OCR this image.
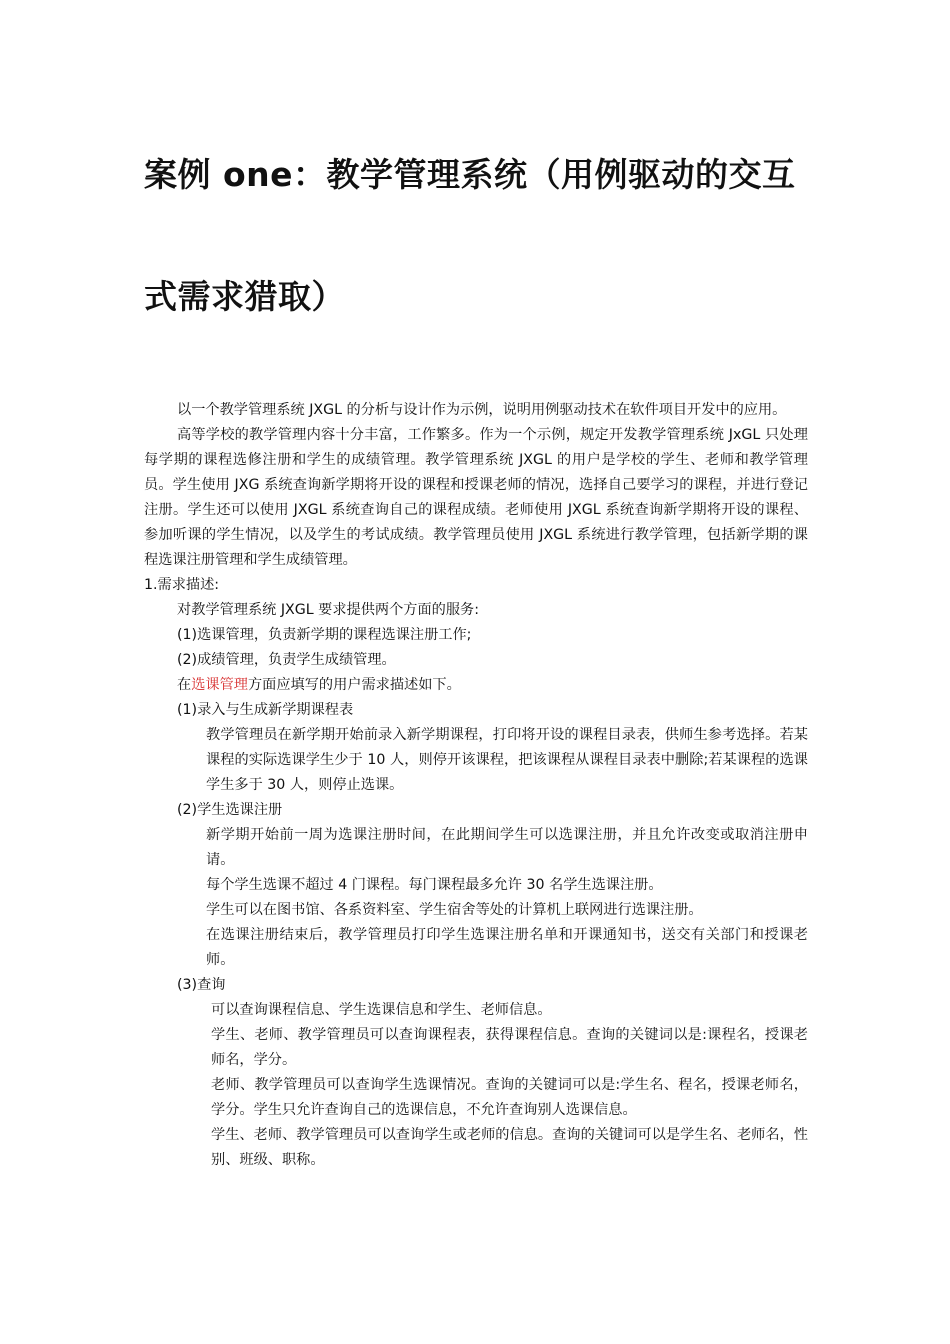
案例 one：教学管理系统（用例驱动的交互
式需求猎取）

以一个教学管理系统 JXGL 的分析与设计作为示例，说明用例驱动技术在软件项目开发中的应用。

高等学校的教学管理内容十分丰富，工作繁多。作为一个示例，规定开发教学管理系统 JxGL 只处理每学期的课程选修注册和学生的成绩管理。教学管理系统 JXGL 的用户是学校的学生、老师和教学管理员。学生使用 JXG 系统查询新学期将开设的课程和授课老师的情况，选择自己要学习的课程，并进行登记注册。学生还可以使用 JXGL 系统查询自己的课程成绩。老师使用 JXGL 系统查询新学期将开设的课程、参加听课的学生情况，以及学生的考试成绩。教学管理员使用 JXGL 系统进行教学管理，包括新学期的课程选课注册管理和学生成绩管理。

1.需求描述:

对教学管理系统 JXGL 要求提供两个方面的服务:

(1)选课管理，负责新学期的课程选课注册工作;

(2)成绩管理，负责学生成绩管理。

在选课管理方面应填写的用户需求描述如下。

(1)录入与生成新学期课程表

教学管理员在新学期开始前录入新学期课程，打印将开设的课程目录表，供师生参考选择。若某课程的实际选课学生少于 10 人，则停开该课程，把该课程从课程目录表中删除;若某课程的选课学生多于 30 人，则停止选课。

(2)学生选课注册

新学期开始前一周为选课注册时间，在此期间学生可以选课注册，并且允许改变或取消注册申请。

每个学生选课不超过 4 门课程。每门课程最多允许 30 名学生选课注册。

学生可以在图书馆、各系资料室、学生宿舍等处的计算机上联网进行选课注册。

在选课注册结束后，教学管理员打印学生选课注册名单和开课通知书，送交有关部门和授课老师。

(3)查询

可以查询课程信息、学生选课信息和学生、老师信息。

学生、老师、教学管理员可以查询课程表，获得课程信息。查询的关键词以是:课程名，授课老师名，学分。

老师、教学管理员可以查询学生选课情况。查询的关键词可以是:学生名、程名，授课老师名，学分。学生只允许查询自己的选课信息，不允许查询别人选课信息。

学生、老师、教学管理员可以查询学生或老师的信息。查询的关键词可以是学生名、老师名，性别、班级、职称。
